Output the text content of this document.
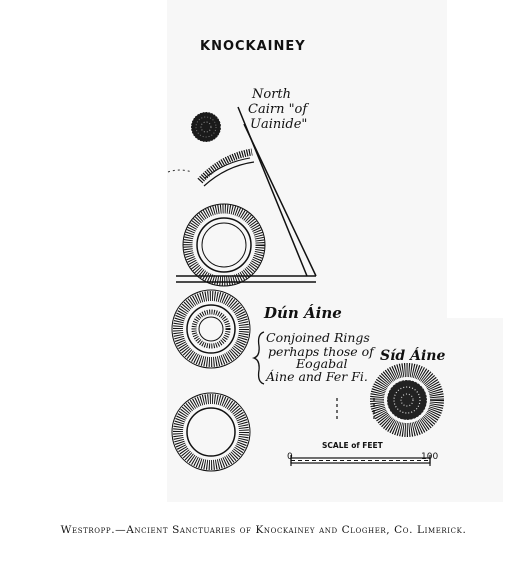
KNOCKAINEY
North
Cairn "of
Uainide"
Dún Áine
Conjoined Rings
perhaps those of
Eogabal
Áine and Fer Fi.
Síd Áine
SCALE of FEET
0	100
Westropp.—Ancient Sanctuaries of Knockainey and Clogher, Co. Limerick.
